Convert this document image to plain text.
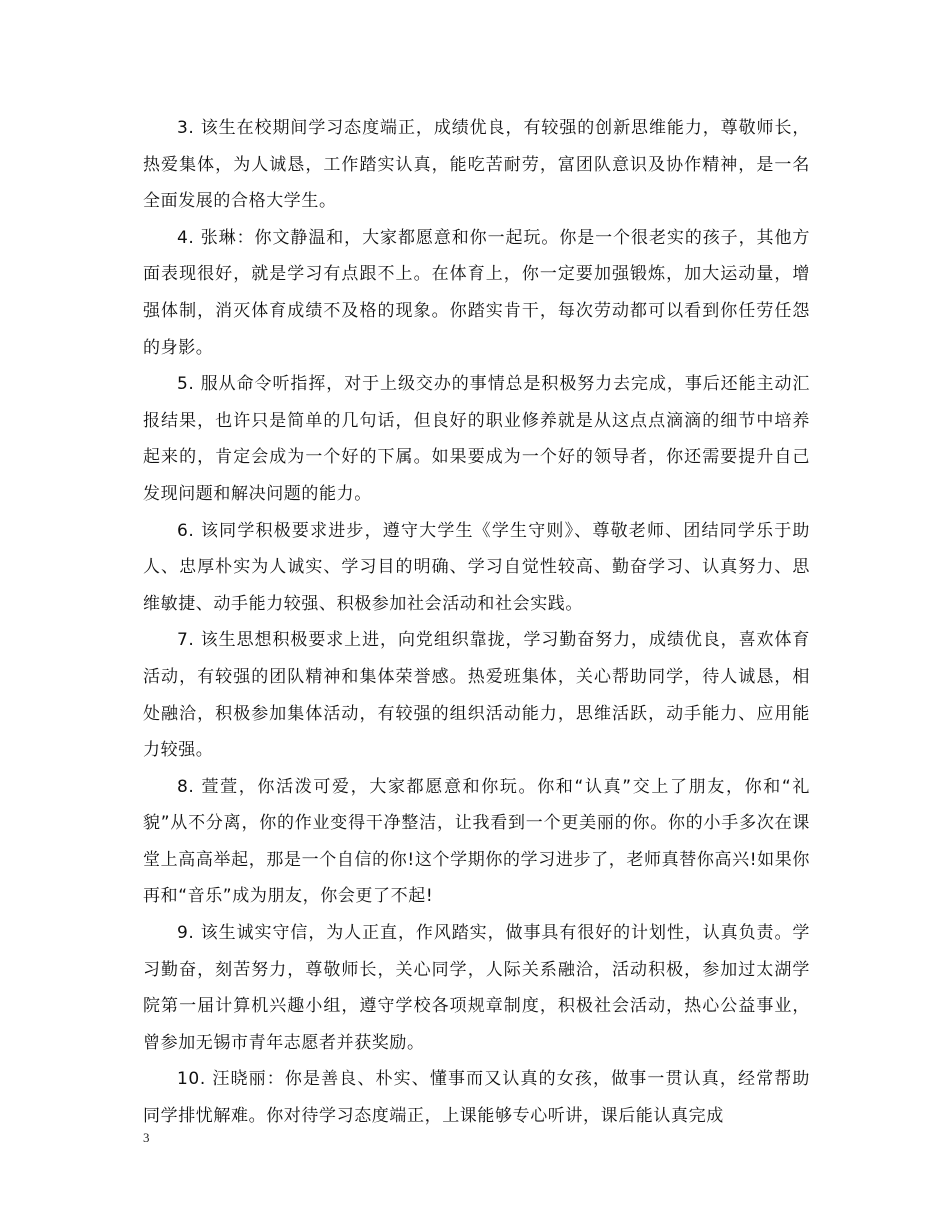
3. 该生在校期间学习态度端正，成绩优良，有较强的创新思维能力，尊敬师长，热爱集体，为人诚恳，工作踏实认真，能吃苦耐劳，富团队意识及协作精神，是一名全面发展的合格大学生。

4. 张琳：你文静温和，大家都愿意和你一起玩。你是一个很老实的孩子，其他方面表现很好，就是学习有点跟不上。在体育上，你一定要加强锻炼，加大运动量，增强体制，消灭体育成绩不及格的现象。你踏实肯干，每次劳动都可以看到你任劳任怨的身影。

5. 服从命令听指挥，对于上级交办的事情总是积极努力去完成，事后还能主动汇报结果，也许只是简单的几句话，但良好的职业修养就是从这点点滴滴的细节中培养起来的，肯定会成为一个好的下属。如果要成为一个好的领导者，你还需要提升自己发现问题和解决问题的能力。

6. 该同学积极要求进步，遵守大学生《学生守则》、尊敬老师、团结同学乐于助人、忠厚朴实为人诚实、学习目的明确、学习自觉性较高、勤奋学习、认真努力、思维敏捷、动手能力较强、积极参加社会活动和社会实践。

7. 该生思想积极要求上进，向党组织靠拢，学习勤奋努力，成绩优良，喜欢体育活动，有较强的团队精神和集体荣誉感。热爱班集体，关心帮助同学，待人诚恳，相处融洽，积极参加集体活动，有较强的组织活动能力，思维活跃，动手能力、应用能力较强。

8. 萱萱，你活泼可爱，大家都愿意和你玩。你和“认真”交上了朋友，你和“礼貌”从不分离，你的作业变得干净整洁，让我看到一个更美丽的你。你的小手多次在课堂上高高举起，那是一个自信的你!这个学期你的学习进步了，老师真替你高兴!如果你再和“音乐”成为朋友，你会更了不起!

9. 该生诚实守信，为人正直，作风踏实，做事具有很好的计划性，认真负责。学习勤奋，刻苦努力，尊敬师长，关心同学，人际关系融洽，活动积极，参加过太湖学院第一届计算机兴趣小组，遵守学校各项规章制度，积极社会活动，热心公益事业，曾参加无锡市青年志愿者并获奖励。

10. 汪晓丽：你是善良、朴实、懂事而又认真的女孩，做事一贯认真，经常帮助同学排忧解难。你对待学习态度端正，上课能够专心听讲，课后能认真完成

3
